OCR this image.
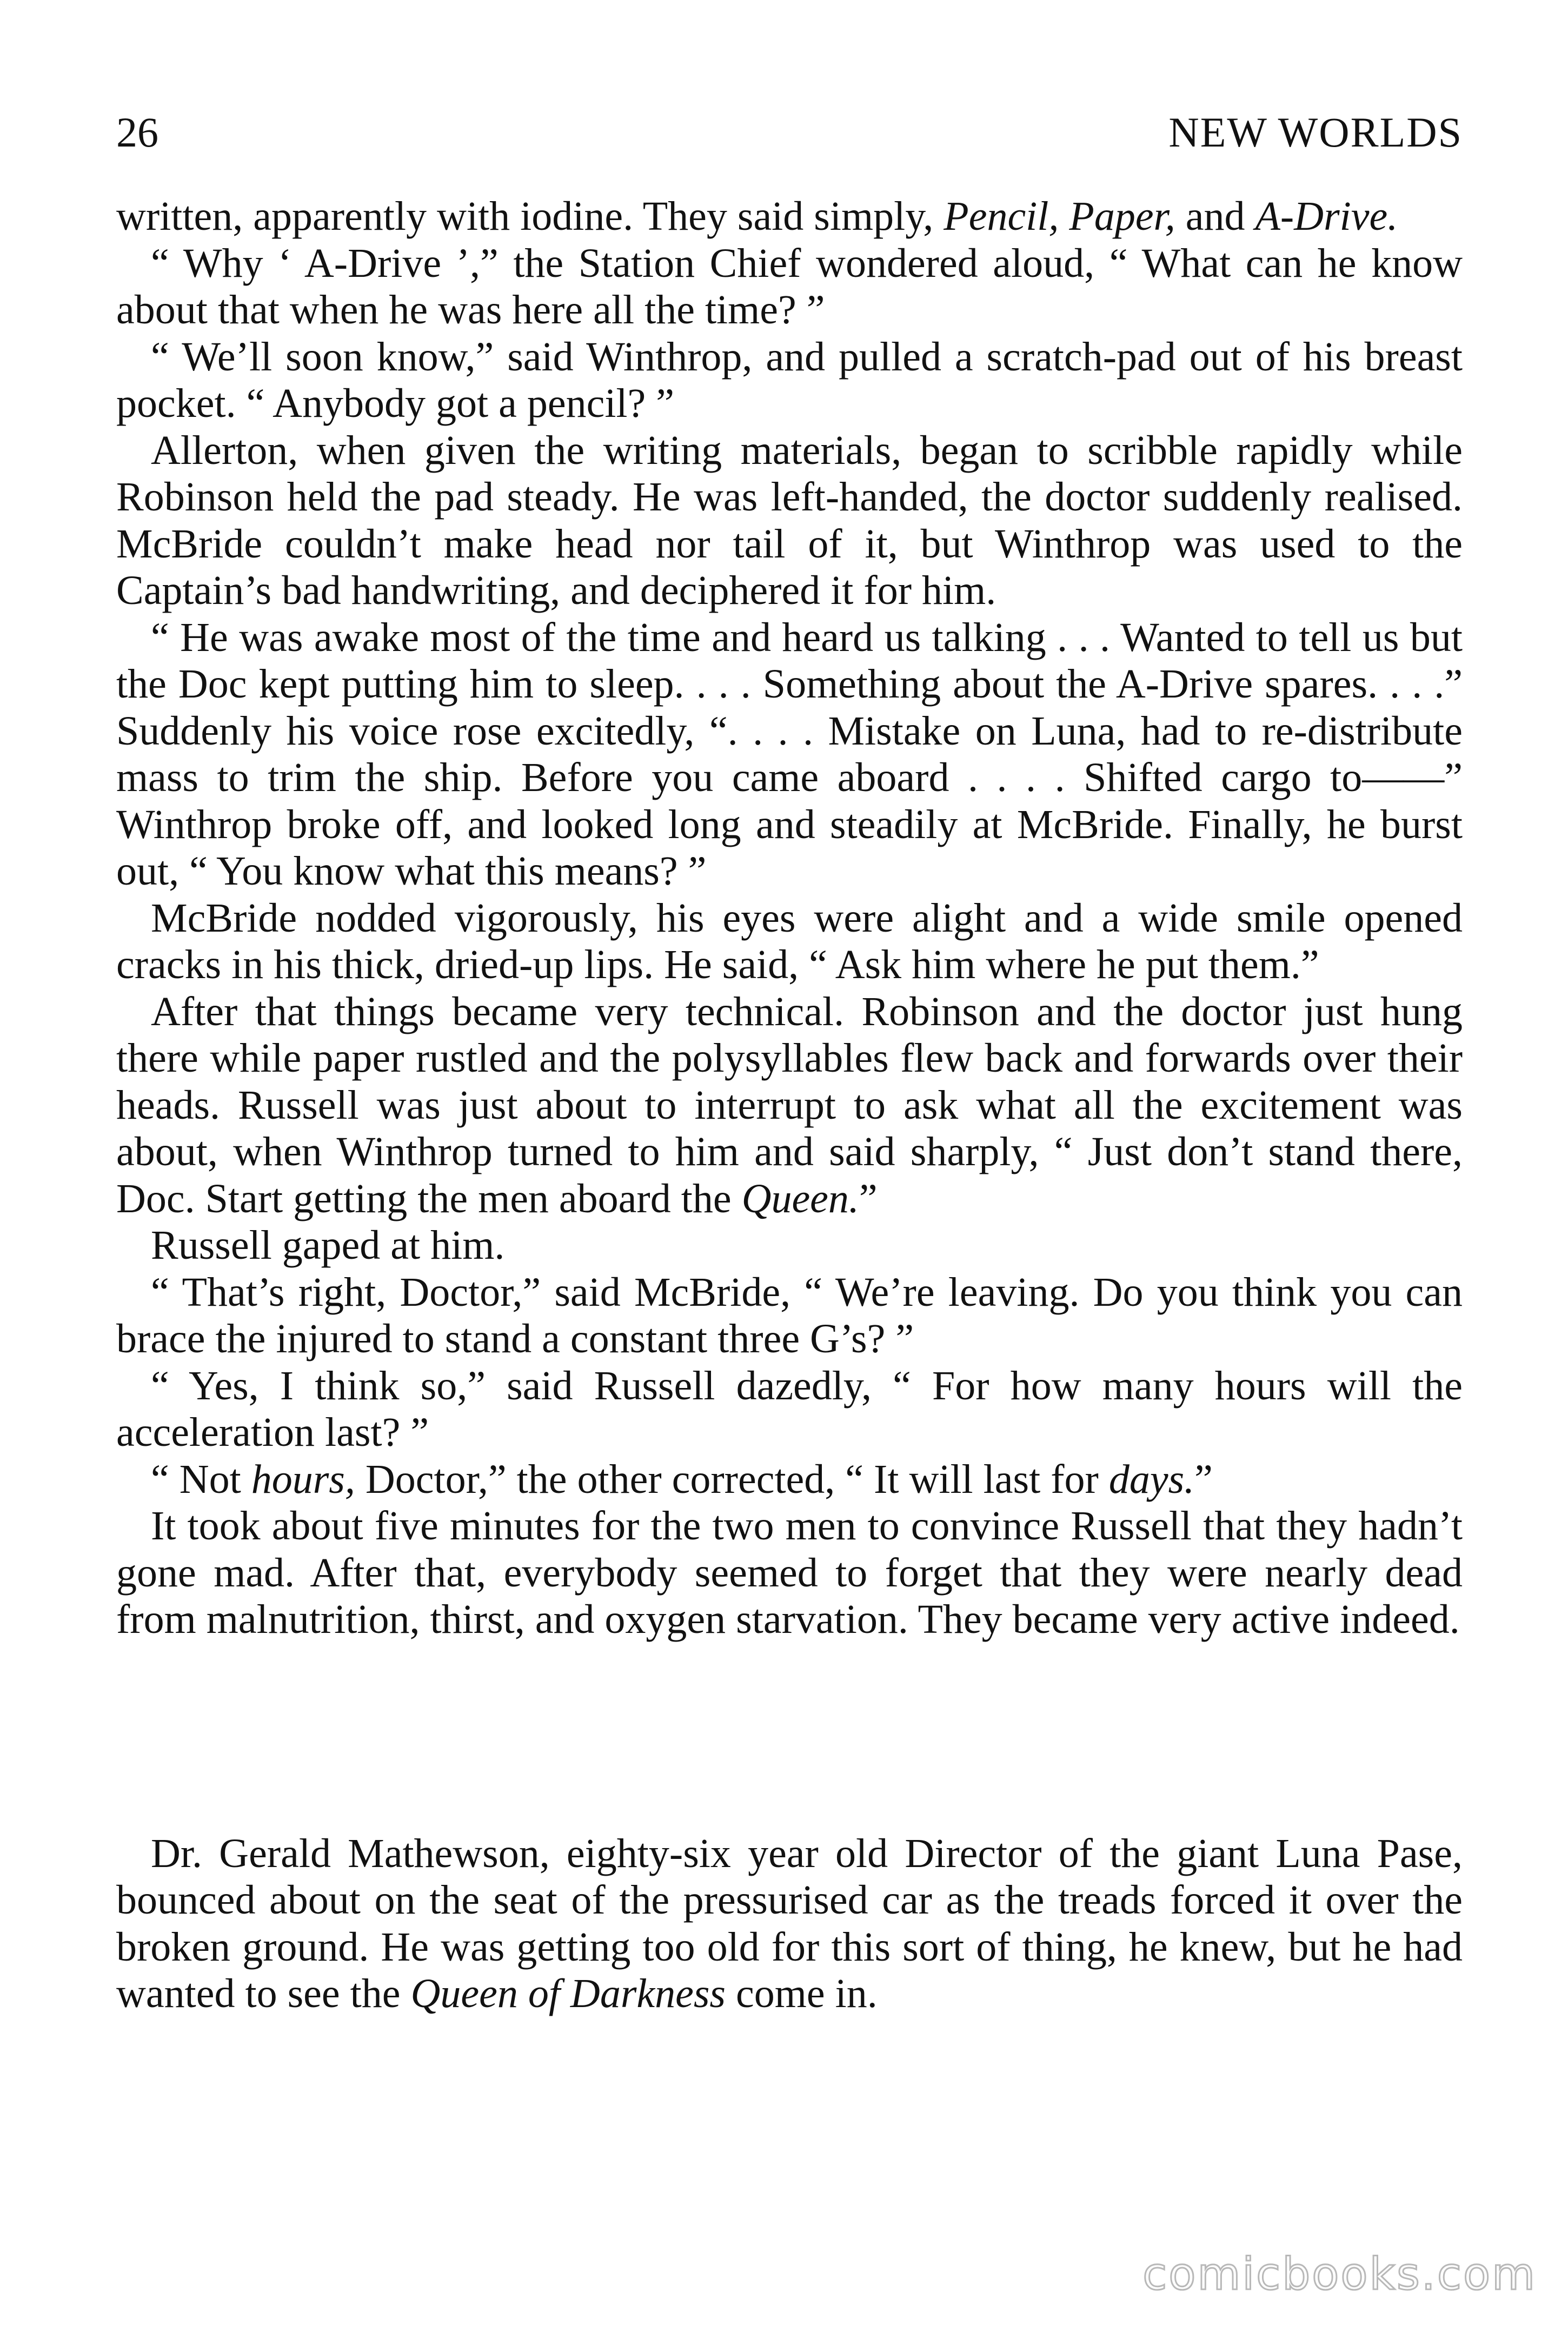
26	NEW WORLDS

written, apparently with iodine. They said simply, Pencil, Paper, and A-Drive.

“ Why ‘ A-Drive ’,” the Station Chief wondered aloud, “ What can he know about that when he was here all the time? ”

“ We’ll soon know,” said Winthrop, and pulled a scratch-pad out of his breast pocket. “ Anybody got a pencil? ”

Allerton, when given the writing materials, began to scribble rapidly while Robinson held the pad steady. He was left-handed, the doctor suddenly realised. McBride couldn’t make head nor tail of it, but Winthrop was used to the Captain’s bad handwriting, and deciphered it for him.

“ He was awake most of the time and heard us talking . . . Wanted to tell us but the Doc kept putting him to sleep. . . . Something about the A-Drive spares. . . .” Suddenly his voice rose excitedly, “. . . . Mistake on Luna, had to re-distribute mass to trim the ship. Before you came aboard . . . . Shifted cargo to——” Winthrop broke off, and looked long and steadily at McBride. Finally, he burst out, “ You know what this means? ”

McBride nodded vigorously, his eyes were alight and a wide smile opened cracks in his thick, dried-up lips. He said, “ Ask him where he put them.”

After that things became very technical. Robinson and the doctor just hung there while paper rustled and the polysyllables flew back and forwards over their heads. Russell was just about to interrupt to ask what all the excitement was about, when Winthrop turned to him and said sharply, “ Just don’t stand there, Doc. Start getting the men aboard the Queen.”

Russell gaped at him.

“ That’s right, Doctor,” said McBride, “ We’re leaving. Do you think you can brace the injured to stand a constant three G’s? ”

“ Yes, I think so,” said Russell dazedly, “ For how many hours will the acceleration last? ”

“ Not hours, Doctor,” the other corrected, “ It will last for days.”

It took about five minutes for the two men to convince Russell that they hadn’t gone mad. After that, everybody seemed to forget that they were nearly dead from malnutrition, thirst, and oxygen starvation. They became very active indeed.

Dr. Gerald Mathewson, eighty-six year old Director of the giant Luna Pase, bounced about on the seat of the pressurised car as the treads forced it over the broken ground. He was getting too old for this sort of thing, he knew, but he had wanted to see the Queen of Darkness come in.

comicbooks.com
